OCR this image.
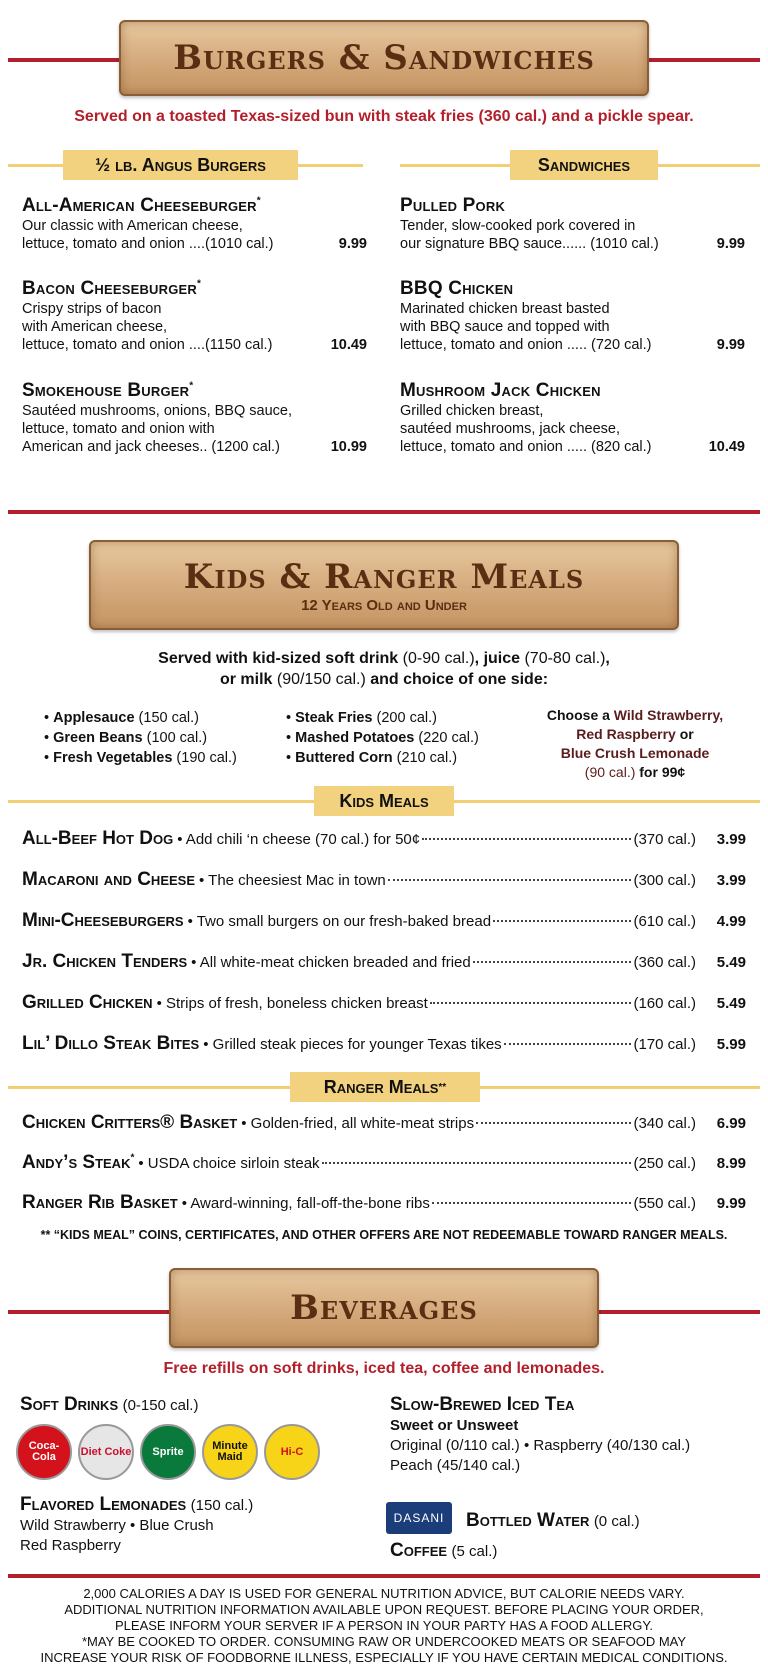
Burgers & Sandwiches
Served on a toasted Texas-sized bun with steak fries (360 cal.) and a pickle spear.
½ lb. Angus Burgers	Sandwiches
All-American Cheeseburger*
Our classic with American cheese,
lettuce, tomato and onion ....(1010 cal.)	9.99
Bacon Cheeseburger*
Crispy strips of bacon
with American cheese,
lettuce, tomato and onion ....(1150 cal.)	10.49
Smokehouse Burger*
Sautéed mushrooms, onions, BBQ sauce,
lettuce, tomato and onion with
American and jack cheeses.. (1200 cal.)	10.99
Pulled Pork
Tender, slow-cooked pork covered in
our signature BBQ sauce...... (1010 cal.)	9.99
BBQ Chicken
Marinated chicken breast basted
with BBQ sauce and topped with
lettuce, tomato and onion ..... (720 cal.)	9.99
Mushroom Jack Chicken
Grilled chicken breast,
sautéed mushrooms, jack cheese,
lettuce, tomato and onion ..... (820 cal.)	10.49
Kids & Ranger Meals
12 Years Old and Under
Served with kid-sized soft drink (0-90 cal.), juice (70-80 cal.),
or milk (90/150 cal.) and choice of one side:
• Applesauce (150 cal.)
• Green Beans (100 cal.)
• Fresh Vegetables (190 cal.)
• Steak Fries (200 cal.)
• Mashed Potatoes (220 cal.)
• Buttered Corn (210 cal.)
Choose a Wild Strawberry,
Red Raspberry or
Blue Crush Lemonade
(90 cal.) for 99¢
Kids Meals
All-Beef Hot Dog • Add chili ‘n cheese (70 cal.) for 50¢	(370 cal.)	3.99
Macaroni and Cheese • The cheesiest Mac in town	(300 cal.)	3.99
Mini-Cheeseburgers • Two small burgers on our fresh-baked bread	(610 cal.)	4.99
Jr. Chicken Tenders • All white-meat chicken breaded and fried	(360 cal.)	5.49
Grilled Chicken • Strips of fresh, boneless chicken breast	(160 cal.)	5.49
Lil’ Dillo Steak Bites • Grilled steak pieces for younger Texas tikes	(170 cal.)	5.99
Ranger Meals **
Chicken Critters® Basket • Golden-fried, all white-meat strips	(340 cal.)	6.99
Andy’s Steak* • USDA choice sirloin steak	(250 cal.)	8.99
Ranger Rib Basket • Award-winning, fall-off-the-bone ribs	(550 cal.)	9.99
** “KIDS MEAL” COINS, CERTIFICATES, AND OTHER OFFERS ARE NOT REDEEMABLE TOWARD RANGER MEALS.
Beverages
Free refills on soft drinks, iced tea, coffee and lemonades.
Soft Drinks (0-150 cal.)
Coca-Cola	Diet Coke	Sprite	Minute Maid	Hi-C
Flavored Lemonades (150 cal.)
Wild Strawberry • Blue Crush
Red Raspberry
Slow-Brewed Iced Tea
Sweet or Unsweet
Original (0/110 cal.) • Raspberry (40/130 cal.)
Peach (45/140 cal.)
DASANI	Bottled Water (0 cal.)
Coffee (5 cal.)
2,000 CALORIES A DAY IS USED FOR GENERAL NUTRITION ADVICE, BUT CALORIE NEEDS VARY.
ADDITIONAL NUTRITION INFORMATION AVAILABLE UPON REQUEST. BEFORE PLACING YOUR ORDER,
PLEASE INFORM YOUR SERVER IF A PERSON IN YOUR PARTY HAS A FOOD ALLERGY.
*MAY BE COOKED TO ORDER. CONSUMING RAW OR UNDERCOOKED MEATS OR SEAFOOD MAY
INCREASE YOUR RISK OF FOODBORNE ILLNESS, ESPECIALLY IF YOU HAVE CERTAIN MEDICAL CONDITIONS.
